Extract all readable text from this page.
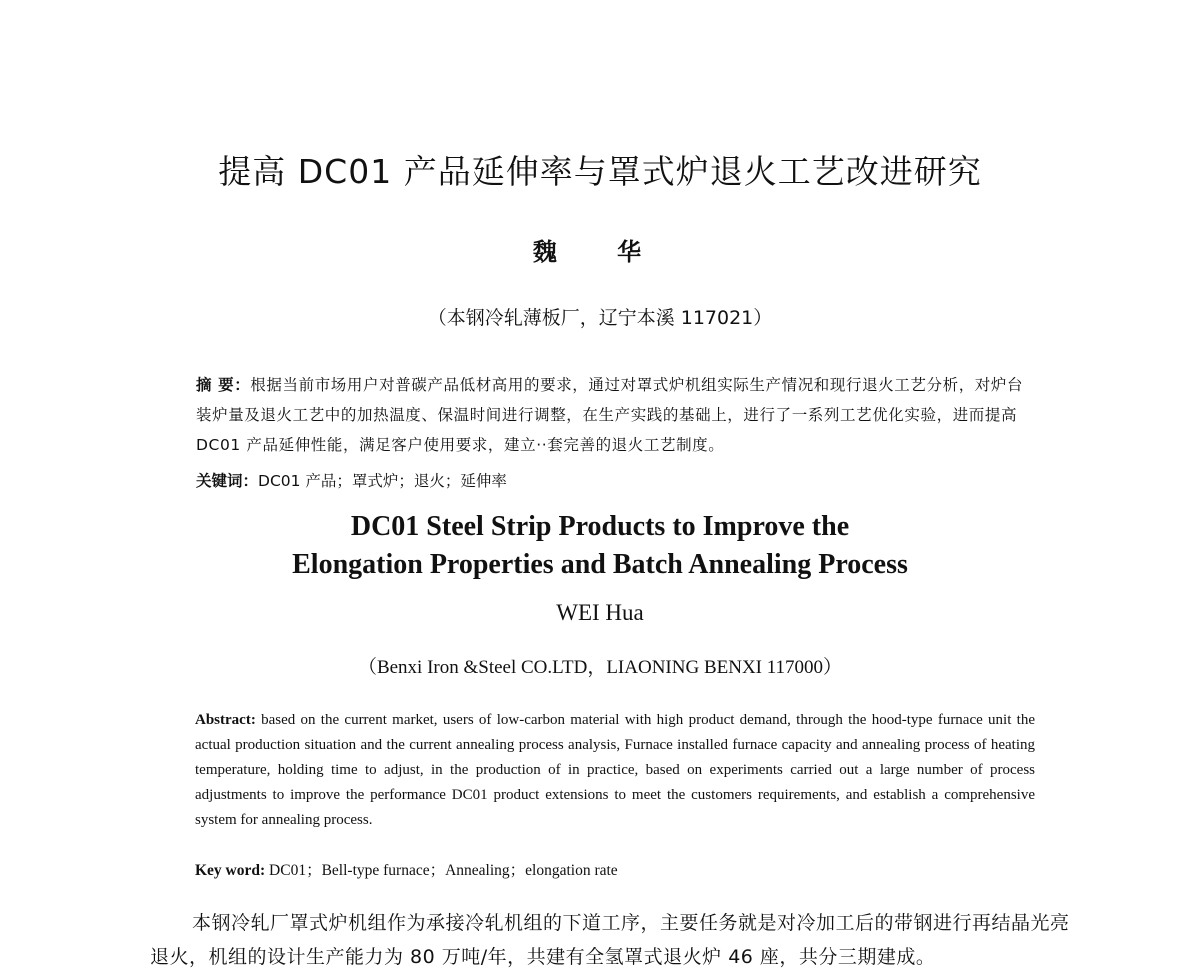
提高 DC01 产品延伸率与罩式炉退火工艺改进研究
魏 华
（本钢冷轧薄板厂，辽宁本溪 117021）
摘 要：根据当前市场用户对普碳产品低材高用的要求，通过对罩式炉机组实际生产情况和现行退火工艺分析，对炉台装炉量及退火工艺中的加热温度、保温时间进行调整，在生产实践的基础上，进行了一系列工艺优化实验，进而提高 DC01 产品延伸性能，满足客户使用要求，建立··套完善的退火工艺制度。
关键词：DC01 产品；罩式炉；退火；延伸率
DC01 Steel Strip Products to Improve the
Elongation Properties and Batch Annealing Process
WEI Hua
（Benxi Iron &Steel CO.LTD，LIAONING BENXI 117000）
Abstract: based on the current market, users of low-carbon material with high product demand, through the hood-type furnace unit the actual production situation and the current annealing process analysis, Furnace installed furnace capacity and annealing process of heating temperature, holding time to adjust, in the production of in practice, based on experiments carried out a large number of process adjustments to improve the performance DC01 product extensions to meet the customers requirements, and establish a comprehensive system for annealing process.
Key word: DC01；Bell-type furnace；Annealing；elongation rate
本钢冷轧厂罩式炉机组作为承接冷轧机组的下道工序，主要任务就是对冷加工后的带钢进行再结晶光亮退火，机组的设计生产能力为 80 万吨/年，共建有全氢罩式退火炉 46 座，共分三期建成。
